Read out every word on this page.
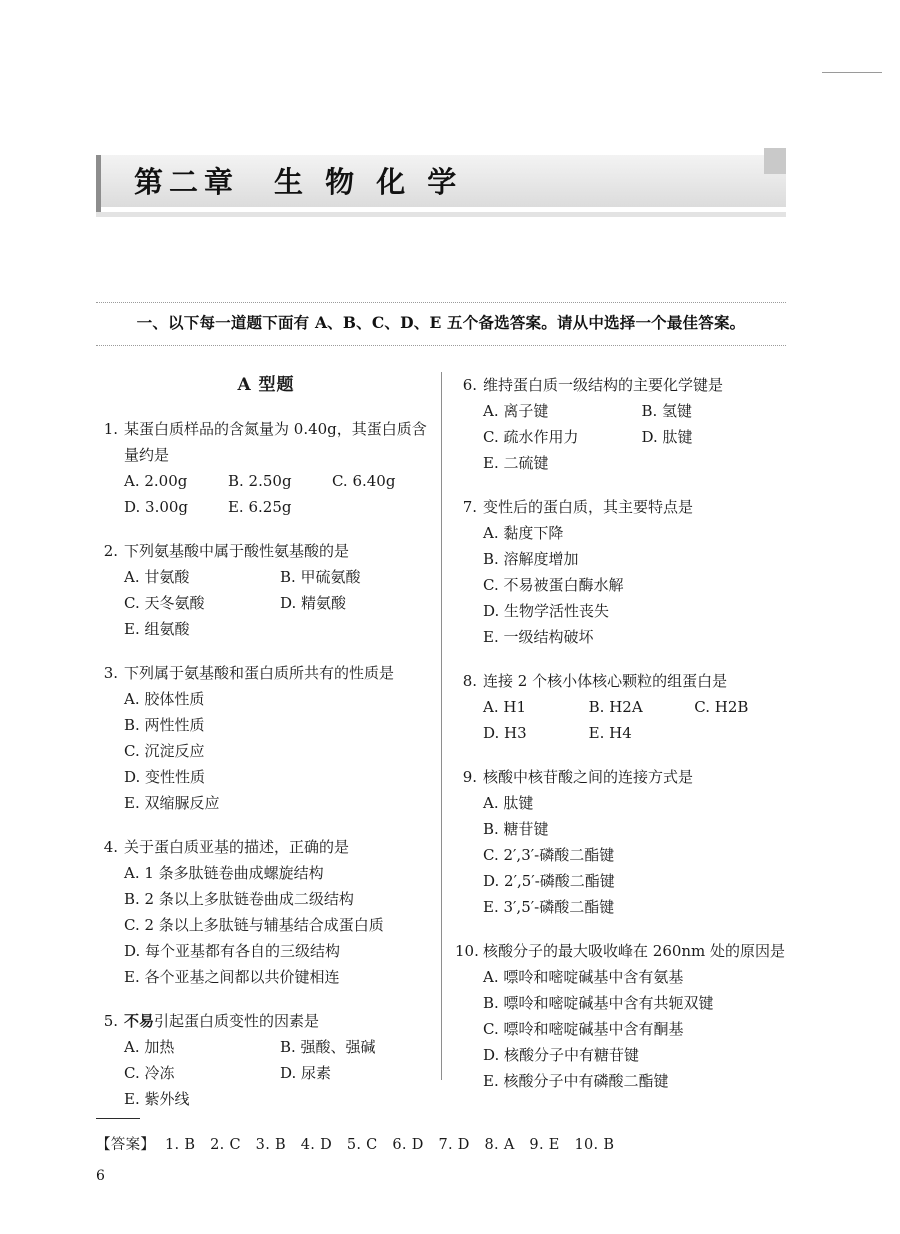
第二章　生 物 化 学
一、以下每一道题下面有 A、B、C、D、E 五个备选答案。请从中选择一个最佳答案。
A 型题
1. 某蛋白质样品的含氮量为 0.40g，其蛋白质含量约是
A. 2.00g	B. 2.50g	C. 6.40g
D. 3.00g	E. 6.25g
2. 下列氨基酸中属于酸性氨基酸的是
A. 甘氨酸	B. 甲硫氨酸
C. 天冬氨酸	D. 精氨酸
E. 组氨酸
3. 下列属于氨基酸和蛋白质所共有的性质是
A. 胶体性质
B. 两性性质
C. 沉淀反应
D. 变性性质
E. 双缩脲反应
4. 关于蛋白质亚基的描述，正确的是
A. 1 条多肽链卷曲成螺旋结构
B. 2 条以上多肽链卷曲成二级结构
C. 2 条以上多肽链与辅基结合成蛋白质
D. 每个亚基都有各自的三级结构
E. 各个亚基之间都以共价键相连
5. 不易引起蛋白质变性的因素是
A. 加热	B. 强酸、强碱
C. 冷冻	D. 尿素
E. 紫外线
6. 维持蛋白质一级结构的主要化学键是
A. 离子键	B. 氢键
C. 疏水作用力	D. 肽键
E. 二硫键
7. 变性后的蛋白质，其主要特点是
A. 黏度下降
B. 溶解度增加
C. 不易被蛋白酶水解
D. 生物学活性丧失
E. 一级结构破坏
8. 连接 2 个核小体核心颗粒的组蛋白是
A. H1	B. H2A	C. H2B
D. H3	E. H4
9. 核酸中核苷酸之间的连接方式是
A. 肽键
B. 糖苷键
C. 2′,3′‑磷酸二酯键
D. 2′,5′‑磷酸二酯键
E. 3′,5′‑磷酸二酯键
10. 核酸分子的最大吸收峰在 260nm 处的原因是
A. 嘌呤和嘧啶碱基中含有氨基
B. 嘌呤和嘧啶碱基中含有共轭双键
C. 嘌呤和嘧啶碱基中含有酮基
D. 核酸分子中有糖苷键
E. 核酸分子中有磷酸二酯键
【答案】 1. B　2. C　3. B　4. D　5. C　6. D　7. D　8. A　9. E　10. B
6
